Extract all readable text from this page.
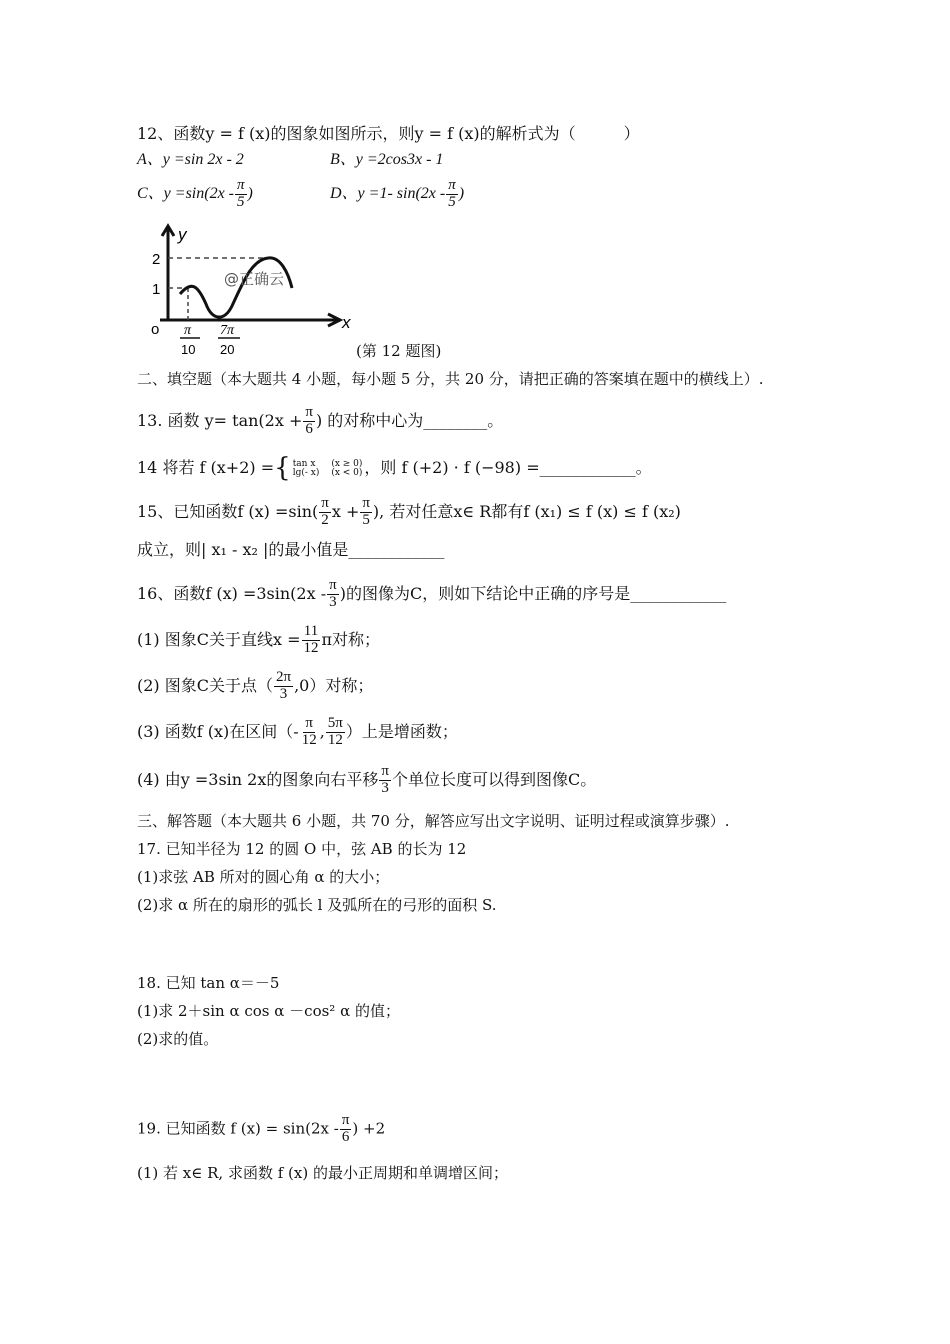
12、函数y = f (x)的图象如图所示，则y = f (x)的解析式为（　　　）
A、y =sin 2x - 2	B、y =2cos3x - 1
C、$y =\sin(2x - \frac{\pi}{5}$ )	D、y =1- $\sin(2x - \frac{\pi}{5}$ )
y
x
o
2
1
@正确云
π
10
7π
20	(第 12 题图)
二、填空题（本大题共 4 小题，每小题 5 分，共 20 分，请把正确的答案填在题中的横线上）.
13. 函数 $y= \tan(2x + \frac{\pi}{6}$ ) 的对称中心为________。
14 将若 f (x+2) ={ tan x
lg(- x)
(x ≥ 0)
(x < 0) ，则 f (+2) · f (−98) =____________。
15、已知函数f $(x) =\sin( \frac{\pi}{2}$ $x + \frac{\pi}{5}$ ), 若对任意x∈ R都有f (x₁) ≤ f (x) ≤ f (x₂)
成立，则| x₁ - x₂ |的最小值是____________
16、函数f $(x) =3\sin(2x - \frac{\pi}{3}$ )的图像为C，则如下结论中正确的序号是____________
(1) 图象C关于直线$x = \frac{11}{12}$ π对称；
(2) 图象C关于点（ $\frac{2\pi}{3} ,0$）对称；
(3) 函数f (x)在区间（- $\frac{\pi}{12}$ , $\frac{5\pi}{12}$ ）上是增函数；
(4) 由y =3sin 2x的图象向右平移 $\frac{\pi}{3}$ 个单位长度可以得到图像C。
三、解答题（本大题共 6 小题，共 70 分，解答应写出文字说明、证明过程或演算步骤）.
17. 已知半径为 12 的圆 O 中，弦 AB 的长为 12
(1)求弦 AB 所对的圆心角 α 的大小；
(2)求 α 所在的扇形的弧长 l 及弧所在的弓形的面积 S.
18. 已知 tan α＝－5
(1)求 2＋sin α cos α －cos² α 的值；
(2)求的值。
19. 已知函数 f $(x) = \sin(2x - \frac{\pi}{6}$ ) +2
(1) 若 x∈ R, 求函数 f (x) 的最小正周期和单调增区间；
